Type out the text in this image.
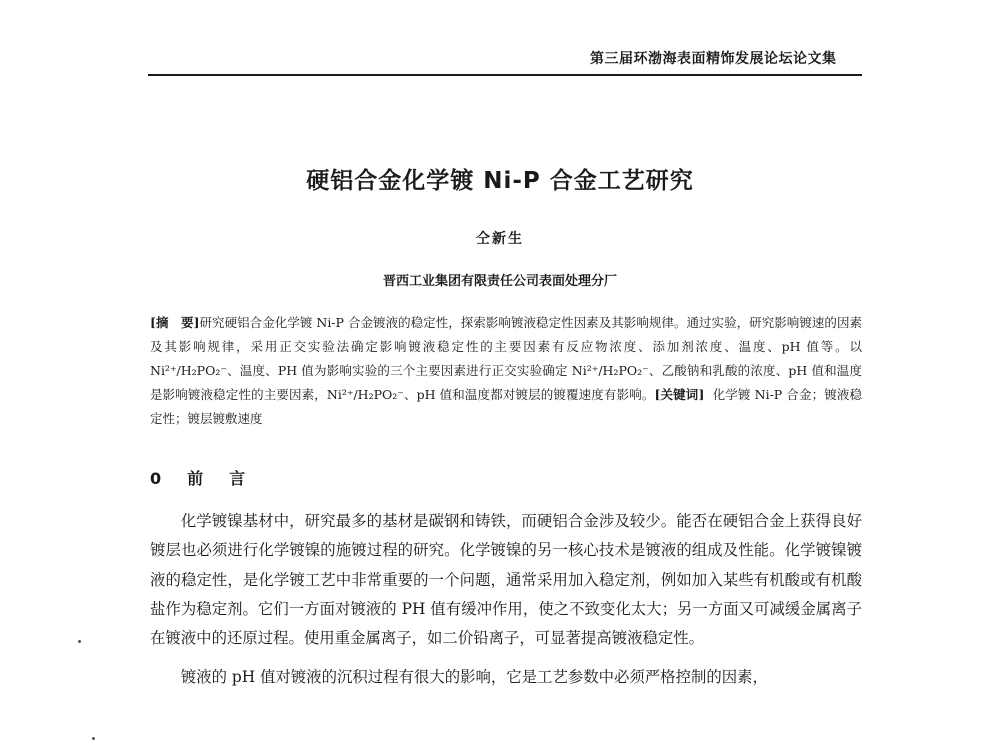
第三届环渤海表面精饰发展论坛论文集
硬铝合金化学镀 Ni-P 合金工艺研究
仝新生
晋西工业集团有限责任公司表面处理分厂
[摘　要]研究硬铝合金化学镀 Ni-P 合金镀液的稳定性，探索影响镀液稳定性因素及其影响规律。通过实验，研究影响镀速的因素及其影响规律，采用正交实验法确定影响镀液稳定性的主要因素有反应物浓度、添加剂浓度、温度、pH 值等。以 Ni²⁺/H₂PO₂⁻、温度、PH 值为影响实验的三个主要因素进行正交实验确定 Ni²⁺/H₂PO₂⁻、乙酸钠和乳酸的浓度、pH 值和温度是影响镀液稳定性的主要因素，Ni²⁺/H₂PO₂⁻、pH 值和温度都对镀层的镀覆速度有影响。[关键词] 化学镀 Ni-P 合金；镀液稳定性；镀层镀敷速度
0 前 言

化学镀镍基材中，研究最多的基材是碳钢和铸铁，而硬铝合金涉及较少。能否在硬铝合金上获得良好镀层也必须进行化学镀镍的施镀过程的研究。化学镀镍的另一核心技术是镀液的组成及性能。化学镀镍镀液的稳定性，是化学镀工艺中非常重要的一个问题，通常采用加入稳定剂，例如加入某些有机酸或有机酸盐作为稳定剂。它们一方面对镀液的 PH 值有缓冲作用，使之不致变化太大；另一方面又可减缓金属离子在镀液中的还原过程。使用重金属离子，如二价铅离子，可显著提高镀液稳定性。

镀液的 pH 值对镀液的沉积过程有很大的影响，它是工艺参数中必须严格控制的因素，
